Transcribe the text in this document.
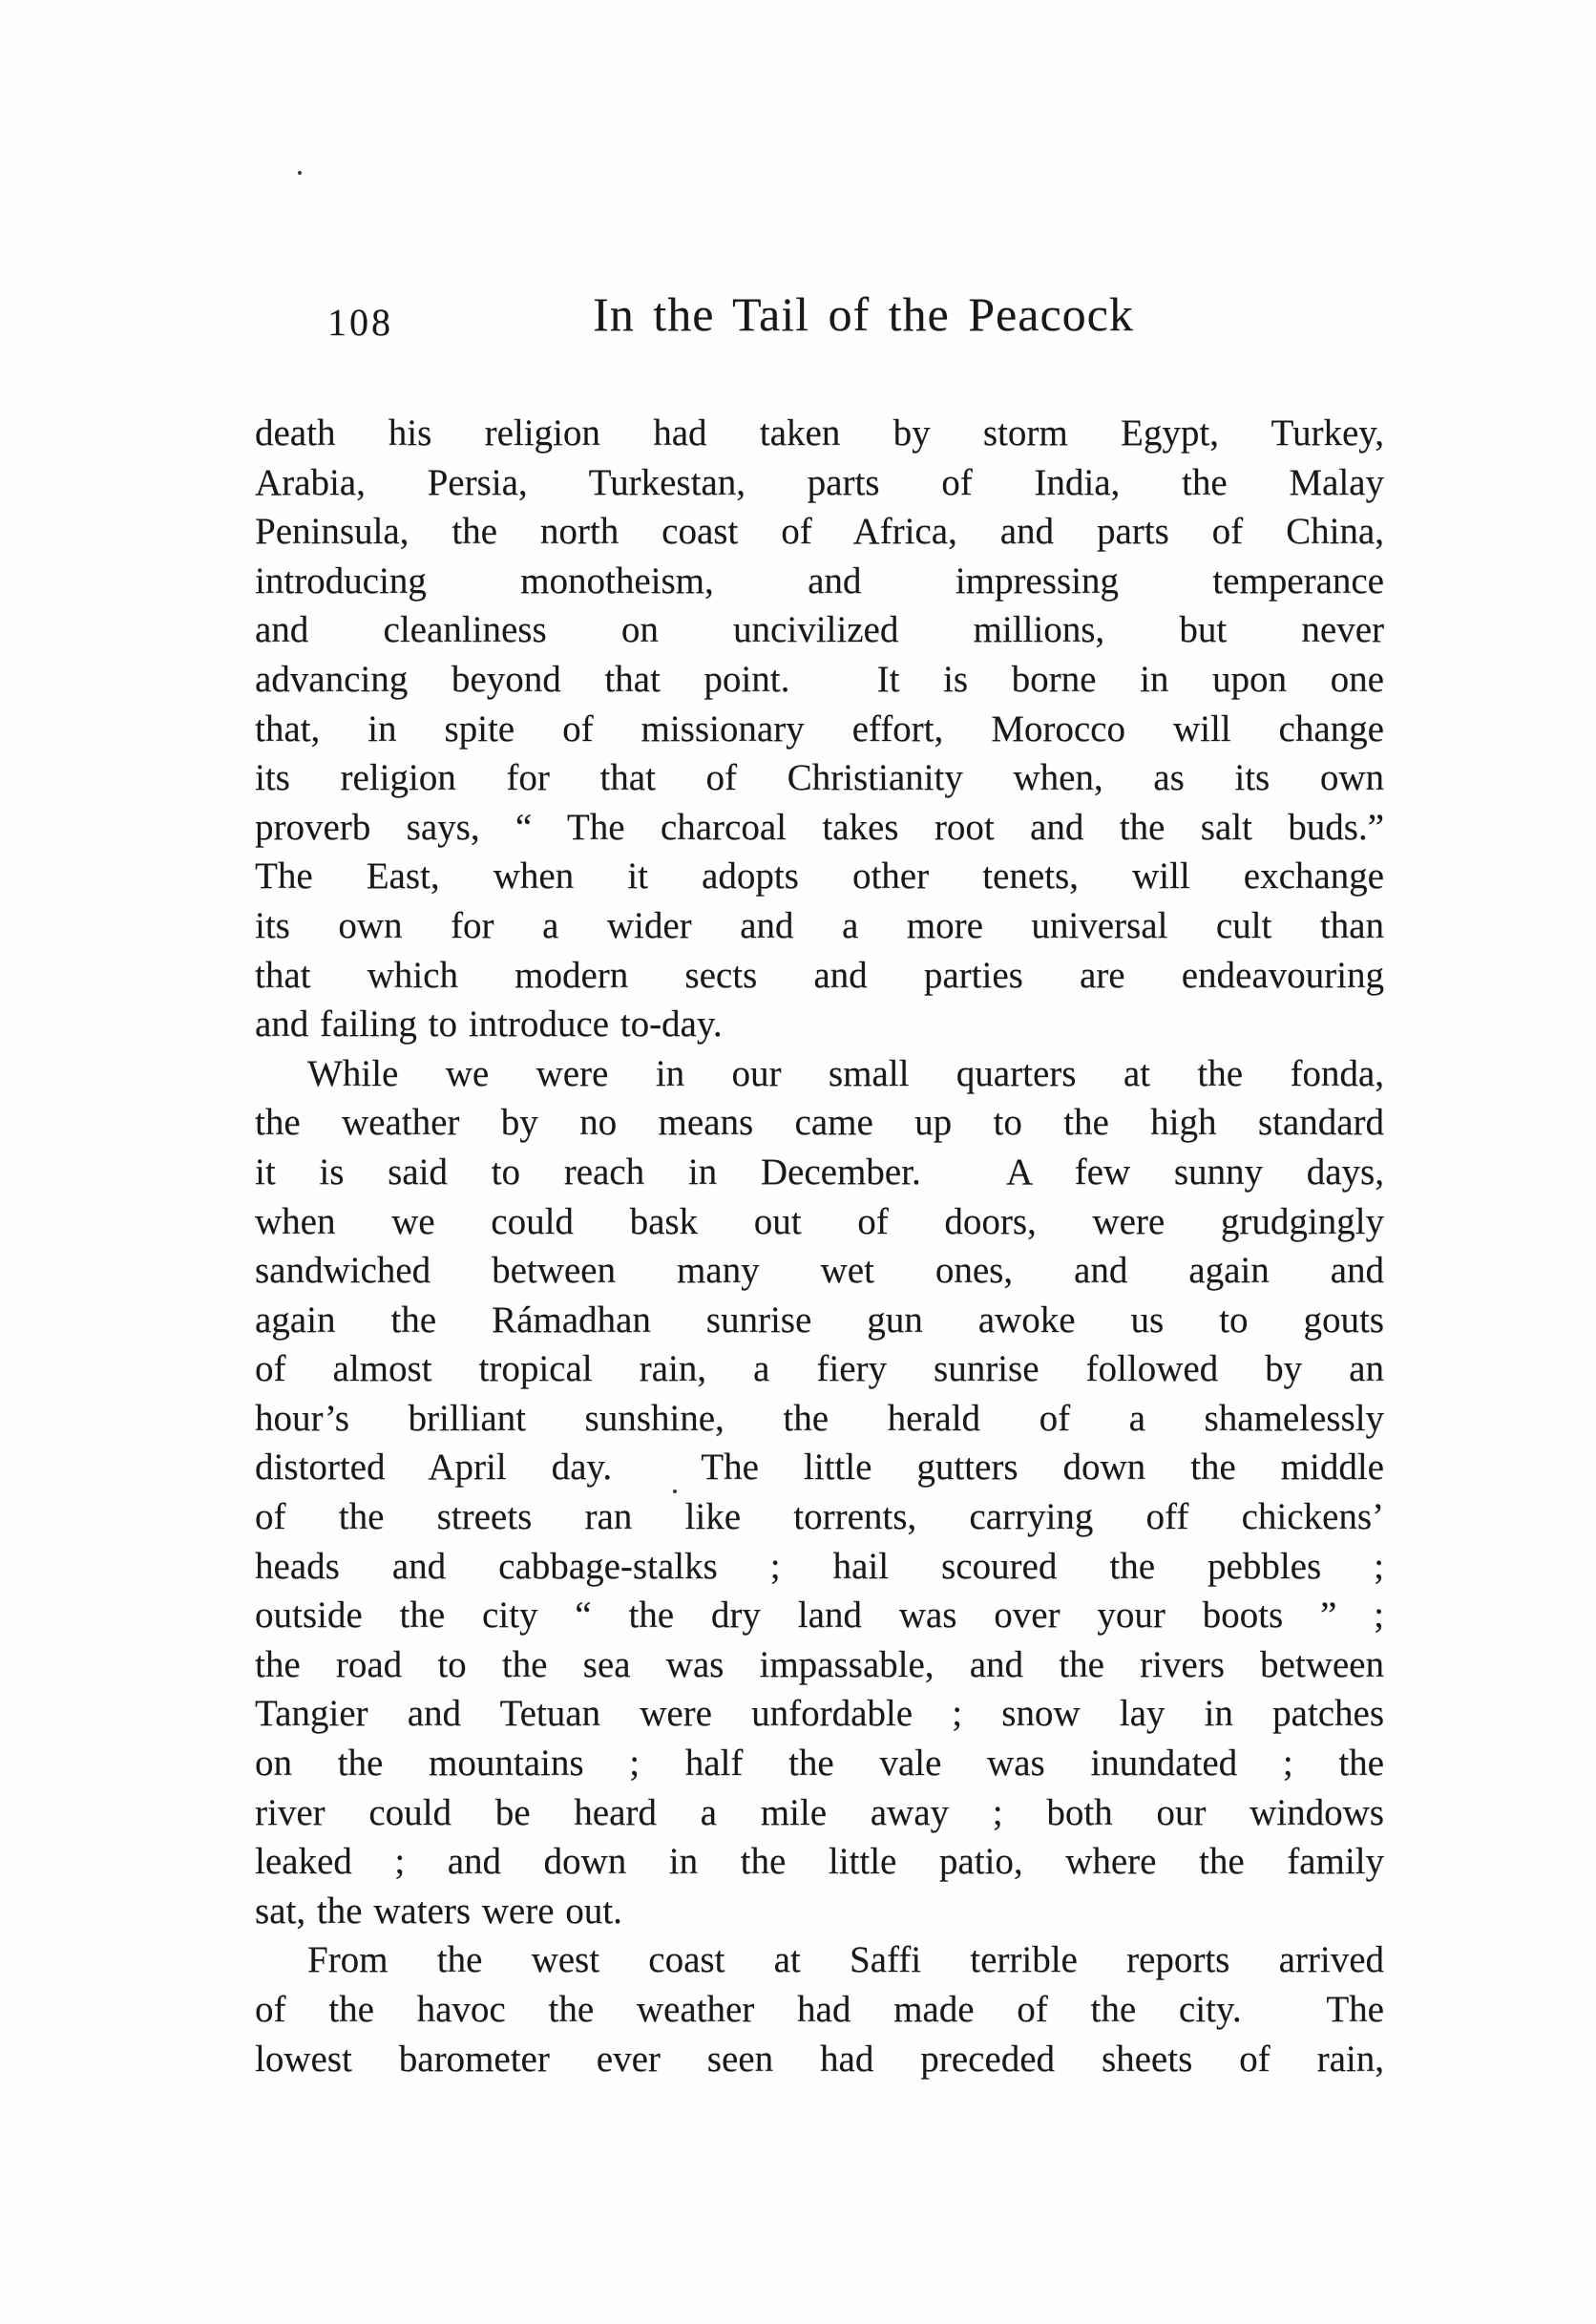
108	In the Tail of the Peacock
death his religion had taken by storm Egypt, Turkey,
Arabia, Persia, Turkestan, parts of India, the Malay
Peninsula, the north coast of Africa, and parts of China,
introducing monotheism, and impressing temperance
and cleanliness on uncivilized millions, but never
advancing beyond that point.  It is borne in upon one
that, in spite of missionary effort, Morocco will change
its religion for that of Christianity when, as its own
proverb says, “ The charcoal takes root and the salt buds.”
The East, when it adopts other tenets, will exchange
its own for a wider and a more universal cult than
that which modern sects and parties are endeavouring
and failing to introduce to-day.
While we were in our small quarters at the fonda,
the weather by no means came up to the high standard
it is said to reach in December.  A few sunny days,
when we could bask out of doors, were grudgingly
sandwiched between many wet ones, and again and
again the Rámadhan sunrise gun awoke us to gouts
of almost tropical rain, a fiery sunrise followed by an
hour’s brilliant sunshine, the herald of a shamelessly
distorted April day.  The little gutters down the middle
of the streets ran like torrents, carrying off chickens’
heads and cabbage-stalks ; hail scoured the pebbles ;
outside the city “ the dry land was over your boots ” ;
the road to the sea was impassable, and the rivers between
Tangier and Tetuan were unfordable ; snow lay in patches
on the mountains ; half the vale was inundated ; the
river could be heard a mile away ; both our windows
leaked ; and down in the little patio, where the family
sat, the waters were out.
From the west coast at Saffi terrible reports arrived
of the havoc the weather had made of the city.  The
lowest barometer ever seen had preceded sheets of rain,
